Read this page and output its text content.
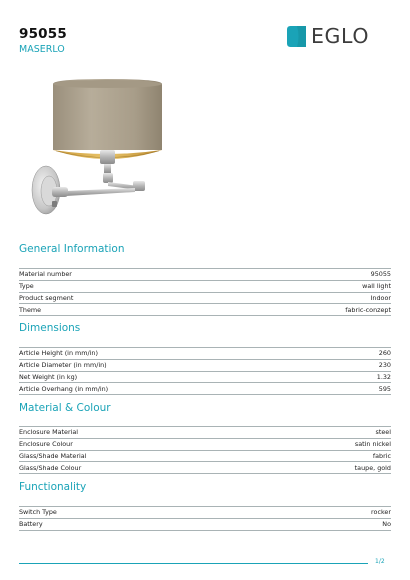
95055
MASERLO
EGLO
General Information
Material number	95055
Type	wall light
Product segment	Indoor
Theme	fabric-conzept
Dimensions
Article Height (in mm/in)	260
Article Diameter (in mm/in)	230
Net Weight (in kg)	1.32
Article Overhang (in mm/in)	595
Material & Colour
Enclosure Material	steel
Enclosure Colour	satin nickel
Glass/Shade Material	fabric
Glass/Shade Colour	taupe, gold
Functionality
Switch Type	rocker
Battery	No
1/2
